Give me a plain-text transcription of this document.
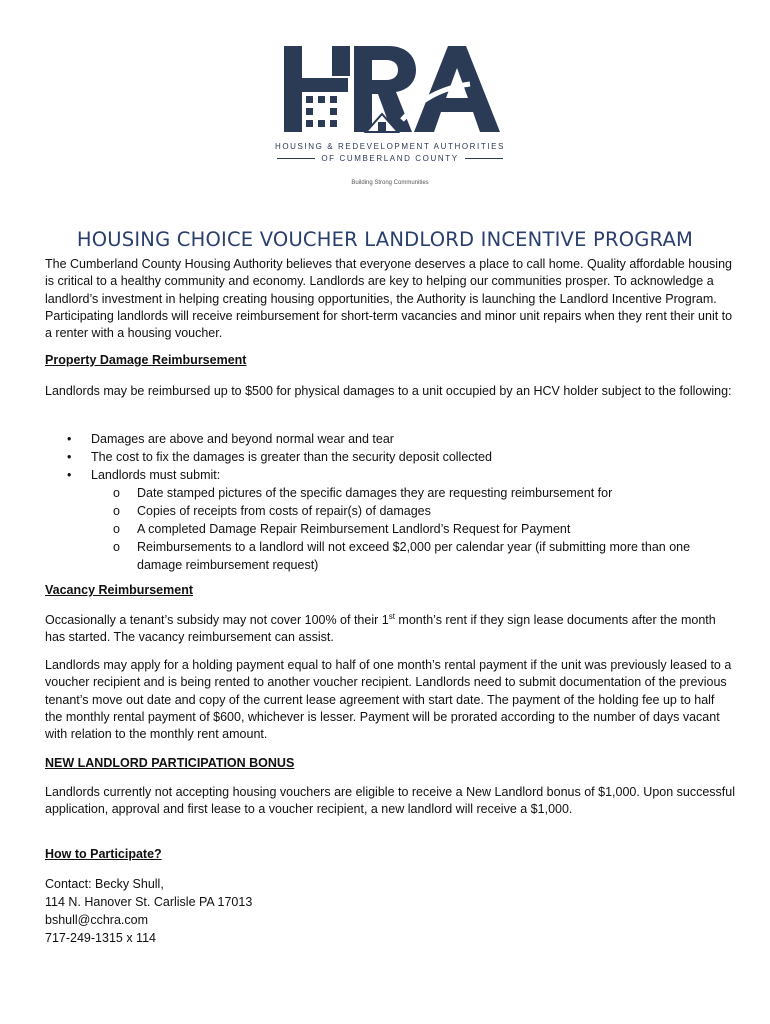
HOUSING & REDEVELOPMENT AUTHORITIES
OF CUMBERLAND COUNTY
Building Strong Communities
HOUSING CHOICE VOUCHER LANDLORD INCENTIVE PROGRAM

The Cumberland County Housing Authority believes that everyone deserves a place to call home. Quality affordable housing is critical to a healthy community and economy. Landlords are key to helping our communities prosper. To acknowledge a landlord’s investment in helping creating housing opportunities, the Authority is launching the Landlord Incentive Program. Participating landlords will receive reimbursement for short-term vacancies and minor unit repairs when they rent their unit to a renter with a housing voucher.

Property Damage Reimbursement

Landlords may be reimbursed up to $500 for physical damages to a unit occupied by an HCV holder subject to the following:

• Damages are above and beyond normal wear and tear
• The cost to fix the damages is greater than the security deposit collected
• Landlords must submit:
o Date stamped pictures of the specific damages they are requesting reimbursement for
o Copies of receipts from costs of repair(s) of damages
o A completed Damage Repair Reimbursement Landlord’s Request for Payment
o Reimbursements to a landlord will not exceed $2,000 per calendar year (if submitting more than one damage reimbursement request)
Vacancy Reimbursement

Occasionally a tenant’s subsidy may not cover 100% of their 1st month’s rent if they sign lease documents after the month has started. The vacancy reimbursement can assist.

Landlords may apply for a holding payment equal to half of one month’s rental payment if the unit was previously leased to a voucher recipient and is being rented to another voucher recipient. Landlords need to submit documentation of the previous tenant’s move out date and copy of the current lease agreement with start date. The payment of the holding fee up to half the monthly rental payment of $600, whichever is lesser. Payment will be prorated according to the number of days vacant with relation to the monthly rent amount.

NEW LANDLORD PARTICIPATION BONUS

Landlords currently not accepting housing vouchers are eligible to receive a New Landlord bonus of $1,000. Upon successful application, approval and first lease to a voucher recipient, a new landlord will receive a $1,000.

How to Participate?
Contact: Becky Shull,
114 N. Hanover St. Carlisle PA 17013
bshull@cchra.com
717-249-1315 x 114
